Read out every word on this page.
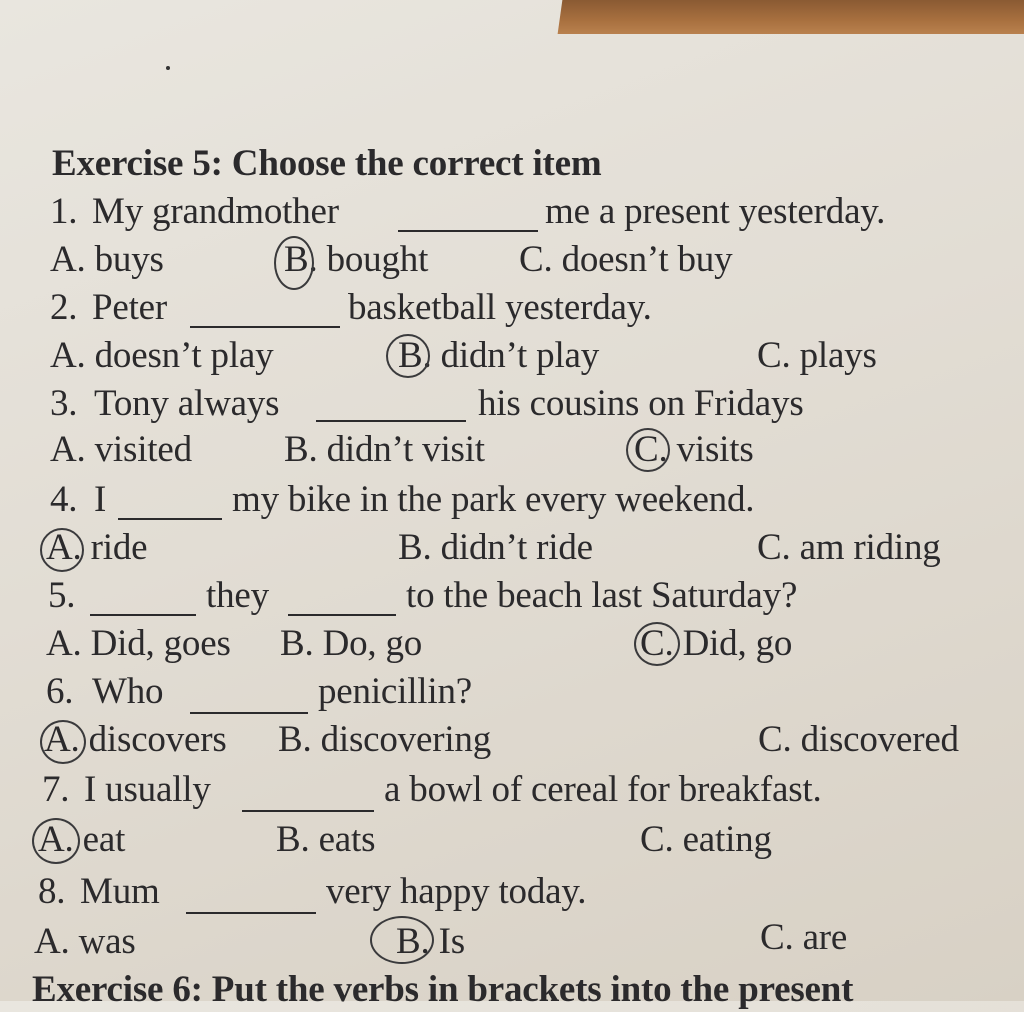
Exercise 5: Choose the correct item
1. My grandmother	me a present yesterday.
A. buys	B. bought C. doesn’t buy
2. Peter	basketball yesterday.
A. doesn’t play	B. didn’t play	C. plays
3. Tony always	his cousins on Fridays
A. visited B. didn’t visit	C. visits
4. I	my bike in the park every weekend.
A. ride	B. didn’t ride	C. am riding
5.	they	to the beach last Saturday?
A. Did, goes B. Do, go	C. Did, go
6. Who	penicillin?
A. discovers B. discovering	C. discovered
7. I usually	a bowl of cereal for breakfast.
A. eat	B. eats	C. eating
8. Mum	very happy today.
A. was	B. Is	C. are
Exercise 6: Put the verbs in brackets into the present
